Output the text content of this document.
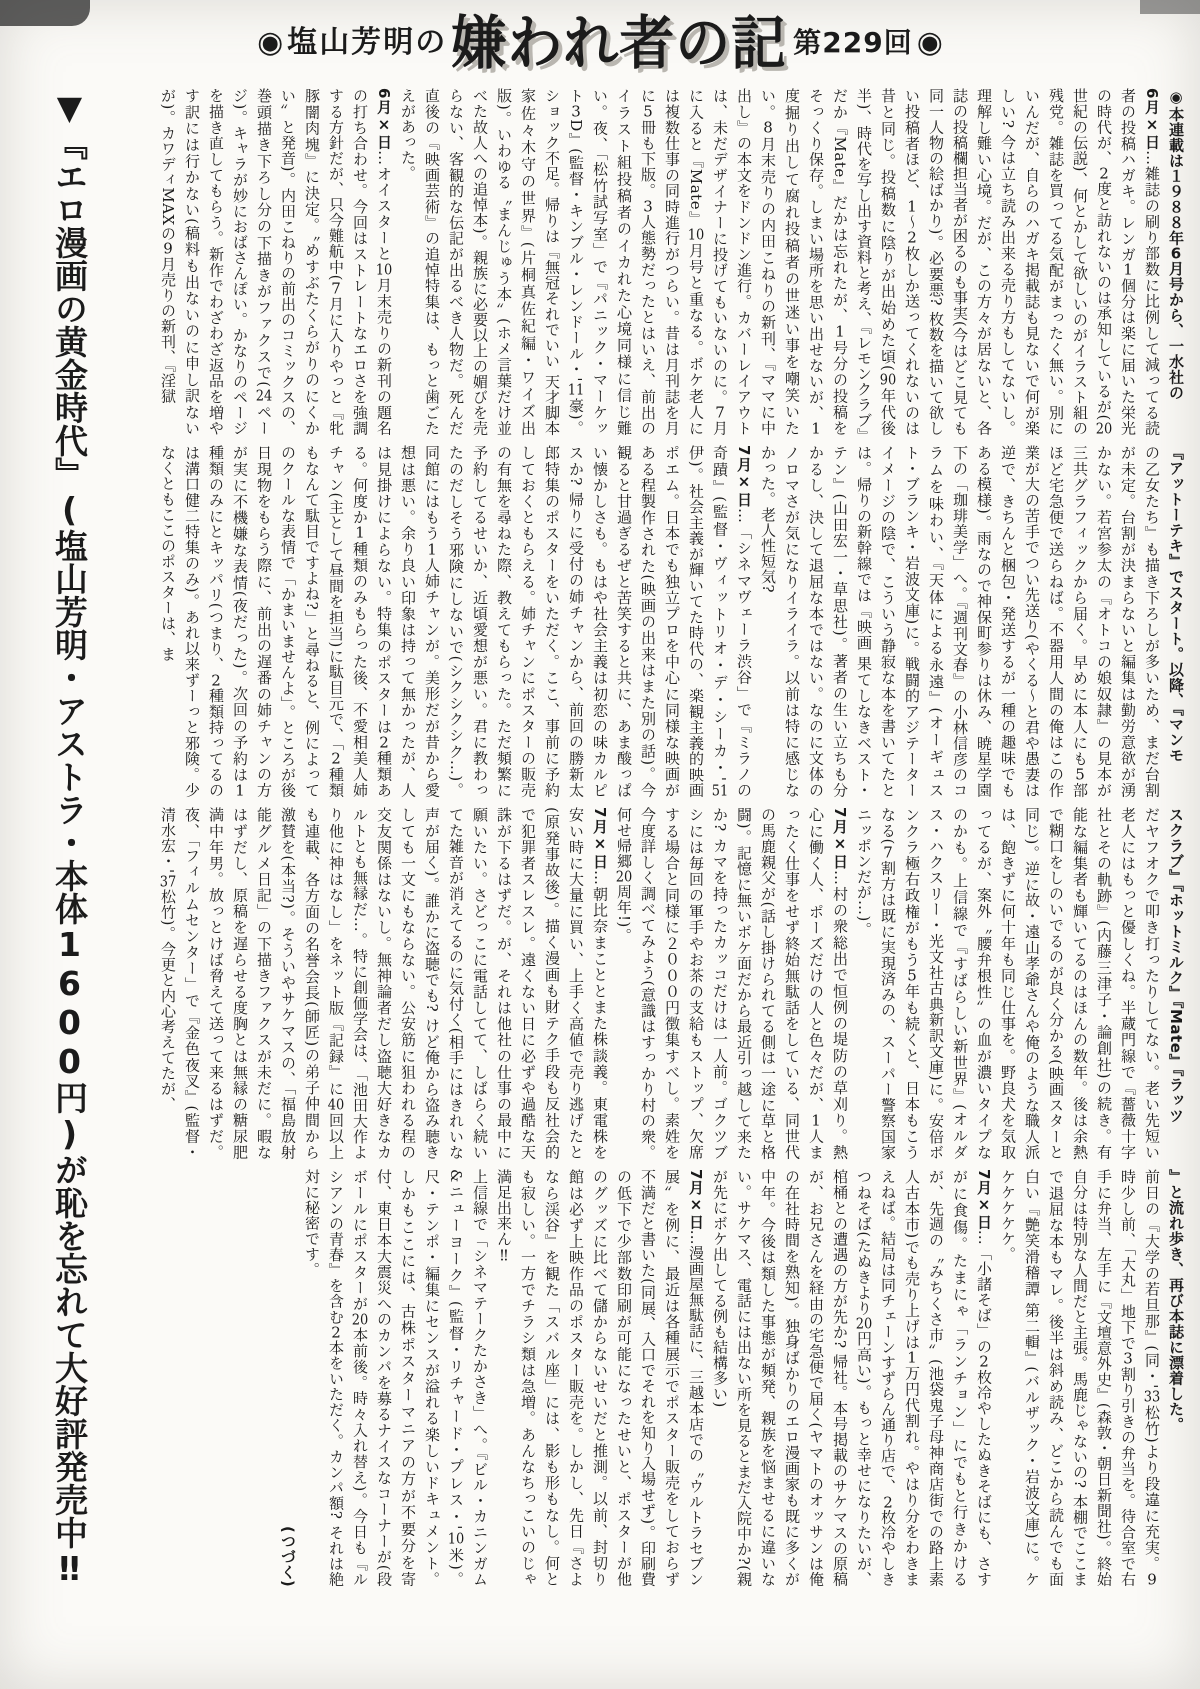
◉ 塩山芳明の 嫌われ者の記 第229回 ◉
▼『エロ漫画の黄金時代』(塩山芳明・アストラ・本体1600円)が恥を忘れて大好評発売中‼	◉本連載は１９８８年6月号から、一水社の

6月×日…雑誌の刷り部数に比例して減ってる読者の投稿ハガキ。レンガ1個分は楽に届いた栄光の時代が、2度と訪れないのは承知しているが(20世紀の伝説)、何とかして欲しいのがイラスト組の残党。雑誌を買ってる気配がまったく無い。別にいんだが、自らのハガキ掲載誌も見ないで何が楽しい? 今は立ち読み出来る売り方もしてないし。理解し難い心境。だが、この方々が居ないと、各誌の投稿欄担当者が困るのも事実(今はどこ見ても同一人物の絵ばかり)。必要悪? 枚数を描いて欲しい投稿者ほど、1〜2枚しか送ってくれないのは昔と同じ。投稿数に陰りが出始めた頃(90年代後半)、時代を写し出す資料と考え、『レモンクラブ』だか『Mate』だかは忘れたが、1号分の投稿をそっくり保存。しまい場所を思い出せないが、1度掘り出して腐れ投稿者の世迷い事を嘲笑いたい。8月末売りの内田こねりの新刊、『ママに中出し』の本文をドンドン進行。カバーレイアウトは、未だデザイナーに投げてもいないのに。7月に入ると『Mate』10月号と重なる。ボケ老人には複数仕事の同時進行がつらい。昔は月刊誌を月に5冊も下版。3人態勢だったとはいえ、前出のイラスト組投稿者のイカれた心境同様に信じ難い。夜、「松竹試写室」で『パニック・マーケット3D』(監督・キンブル・レンドール・'11豪)。ショック不足。帰りは『無冠それでいい 天才脚本家佐々木守の世界』(片桐真佐紀編・ワイズ出版)。いわゆる〝まんじゅう本〟(ホメ言葉だけ並べた故人への追悼本)。親族に必要以上の媚びを売らない、客観的な伝記が出るべき人物だ。死んだ直後の『映画芸術』の追悼特集は、もっと歯ごたえがあった。

6月×日…オイスターと10月末売りの新刊の題名の打ち合わせ。今回はストレートなエロさを強調する方針だが、只今難航中(7月に入りやっと『牝豚闇肉塊』に決定。〝めすぶたくらがりのにくかい〟と発音)。内田こねりの前出のコミックスの、巻頭描き下ろし分の下描きがファクスで(24ページ)。キャラが妙におばさんぽい。かなりのページを描き直してもらう。新作でわざわざ返品を増やす訳には行かない(稿料も出ないのに申し訳ないが)。カワディMAXの9月売りの新刊、『淫獄

『アットーテキ』でスタート。以降、『マンモ

の乙女たち』も描き下ろしが多いため、まだ台割が未定。台割が決まらないと編集は勤労意欲が湧かない。若宮参太の『オトコの娘奴隷』の見本が三共グラフィックから届く。早めに本人にも5部ほど宅急便で送らねば。不器用人間の俺はこの作業が大の苦手でつい先送り(やくる〜と君や愚妻は逆で、きちんと梱包・発送するが一種の趣味でもある模様)。雨なので神保町参りは休み、暁星学園下の「珈琲美学」へ。『週刊文春』の小林信彦のコラムを味わい、『天体による永遠』(オーギュスト・ブランキ・岩波文庫)に。戦闘的アジテーターイメージの陰で、こういう静寂な本を書いてたとは。帰りの新幹線では『映画 果てしなきベスト・テン』(山田宏一・草思社)。著者の生い立ちも分かるし、決して退屈な本ではない。なのに文体のノロマさが気になりイライラ。以前は特に感じなかった。老人性短気?

7月×日…「シネマヴェーラ渋谷」で『ミラノの奇蹟』(監督・ヴィットリオ・デ・シーカ・'51伊)。社会主義が輝いてた時代の、楽観主義的映画ポエム。日本でも独立プロを中心に同様な映画がある程製作された(映画の出来はまた別の話)。今観ると甘過ぎるぜと苦笑すると共に、あま酸っぱい懐かしさも。もはや社会主義は初恋の味カルピスか? 帰りに受付の姉チャンから、前回の勝新太郎特集のポスターをいただく。ここ、事前に予約しておくともらえる。姉チャンにポスターの販売の有無を尋ねた際、教えてもらった。ただ頻繁に予約してるせいか、近頃愛想が悪い。君に教わったのだしそう邪険にしないで(シクシクシク…)。同館にはもう1人姉チャンが。美形だが昔から愛想は悪い。余り良い印象は持って無かったが、人は見掛けによらない。特集のポスターは2種類ある。何度か1種類のみもらった後、不愛相美人姉チャン(主として昼間を担当)に駄目元で、「2種類もなんて駄目ですよね?」と尋ねると、例によってのクールな表情で「かまいませんよ」。ところが後日現物をもらう際に、前出の遅番の姉チャンの方が実に不機嫌な表情(夜だった)。次回の予約は1種類のみにとキッパリ(つまり、2種類持ってるのは溝口健二特集のみ)。あれ以来ずーっと邪険。少なくともここのポスターは、ま

スクラブ』『ホットミルク』『Mate』『ラッツ

だヤフオクで叩き打ったりしてない。老い先短い老人にはもっと優しくね。半蔵門線で『薔薇十字社とその軌跡』(内藤三津子・論創社)の続き。有能な編集者も輝いてるのはほんの数年。後は余熱で糊口をしのいでるのが良く分かる(映画スターと同じ)。逆に故・遠山孝爺さんや俺のような職人派は、飽きずに何十年も同じ仕事を。野良犬を気取ってるが、案外〝腰弁根性〟の血が濃いタイプなのかも。上信線で『すばらしい新世界』(オルダス・ハクスリー・光文社古典新訳文庫)に。安倍ボンクラ極右政権がもう5年も続くと、日本もこうなる(7割方は既に実現済みの、スーパー警察国家ニッポンだが…)。

7月×日…村の衆総出で恒例の堤防の草刈り。熱心に働く人、ポーズだけの人と色々だが、1人まったく仕事をせず終始無駄話をしている、同世代の馬鹿親父が(話し掛けられてる側は一途に草と格闘)。記憶に無いボケ面だから最近引っ越して来たか? カマを持ったカッコだけは一人前。ゴクツブシには毎回の軍手やお茶の支給もストップ、欠席する場合と同様に２０００円徴集すべし。素姓を今度詳しく調べてみよう(意識はすっかり村の衆。何せ帰郷20周年!)。

7月×日…朝比奈まこととまた株談義。東電株を安い時に大量に買い、上手く高値で売り逃げたと(原発事故後)。描く漫画も財テク手段も反社会的で犯罪者スレスレ。遠くない日に必ずや過酷な天誅が下るはずだ。が、それは他社の仕事の最中に願いたい。さどっこに電話してて、しばらく続いてた雑音が消えてるのに気付く(相手にはきれいな声が届く)。誰かに盗聴でも? けど俺から盗み聴きしても一文にもならない。公安筋に狙われる程の交友関係はないし。無神論者だし盗聴大好きなカルトとも無縁だ…。特に創価学会は、「池田大作より他に神はなし」をネット版『記録』に40回以上も連載、各方面の名誉会長(師匠)の弟子仲間から激賛を(本当?)。そういやサケマスの、「福島放射能グルメ日記」の下描きファクスが未だに。暇なはずだし、原稿を遅らせる度胸とは無縁の糖尿肥満中年男。放っとけば脅えて送って来るはずだ。夜、「フィルムセンター」で『金色夜叉』(監督・清水宏・'37松竹)。今更と内心考えてたが、

』と流れ歩き、再び本誌に漂着した。

前日の『大学の若旦那』(同・'33松竹)より段違に充実。9時少し前、「大丸」地下で3割り引きの弁当を。待合室で右手に弁当、左手に『文壇意外史』(森敦・朝日新聞社)。終始自分は特別な人間だと主張。馬鹿じゃないの? 本棚でここまで退屈な本もマレ。後半は斜め読み、どこから読んでも面白い『艶笑滑稽譚 第二輯』(バルザック・岩波文庫)に。ケケケケケケ。

7月×日…「小諸そば」の2枚冷やしたぬきそばにも、さすがに食傷。たまにゃ「ランチョン」にでもと行きかけるが、先週の〝みちくさ市〟(池袋鬼子母神商店街での路上素人古本市)でも売り上げは1万円代割れ。やはり分をわきまえねば。結局は同チェーンすずらん通り店で、2枚冷やしきつねそば(たぬきより20円高い)。もっと幸せになりたいが、棺桶との遭遇の方が先か? 帰社。本号掲載のサケマスの原稿が、お兄さんを経由の宅急便で届く(ヤマトのオッサンは俺の在社時間を熟知)。独身ばかりのエロ漫画家も既に多くが中年。今後は類した事態が頻発、親族を悩ませるに違いない。サケマス、電話には出ない所を見るとまだ入院中か?(親が先にボケ出してる例も結構多い)

7月×日…漫画屋無駄話に、三越本店での〝ウルトラセブン展〟を例に、最近は各種展示でポスター販売をしておらず不満だと書いた(同展、入口でそれを知り入場せず)。印刷費の低下で少部数印刷が可能になったせいと、ポスターが他のグッズに比べて儲からないせいだと推測。以前、封切り館は必ず上映作品のポスター販売を。しかし、先日『さよなら渓谷』を観た「スバル座」には、影も形もなし。何とも寂しい。一方でチラシ類は急増。あんなちっこいのじゃ満足出来ん‼

上信線で「シネマテークたかさき」へ。『ビル・カニンガム&ニューヨーク』(監督・リチャード・プレス・'10米)。尺・テンポ・編集にセンスが溢れる楽しいドキュメント。しかもここには、古株ポスターマニアの方が不要分を寄付、東日本大震災へのカンパを募るナイスなコーナーが(段ボールにポスターが20本前後。時々入れ替え)。今日も『ルシアンの青春』を含む2本をいただく。カンパ額? それは絶対に秘密です。

(つづく)
